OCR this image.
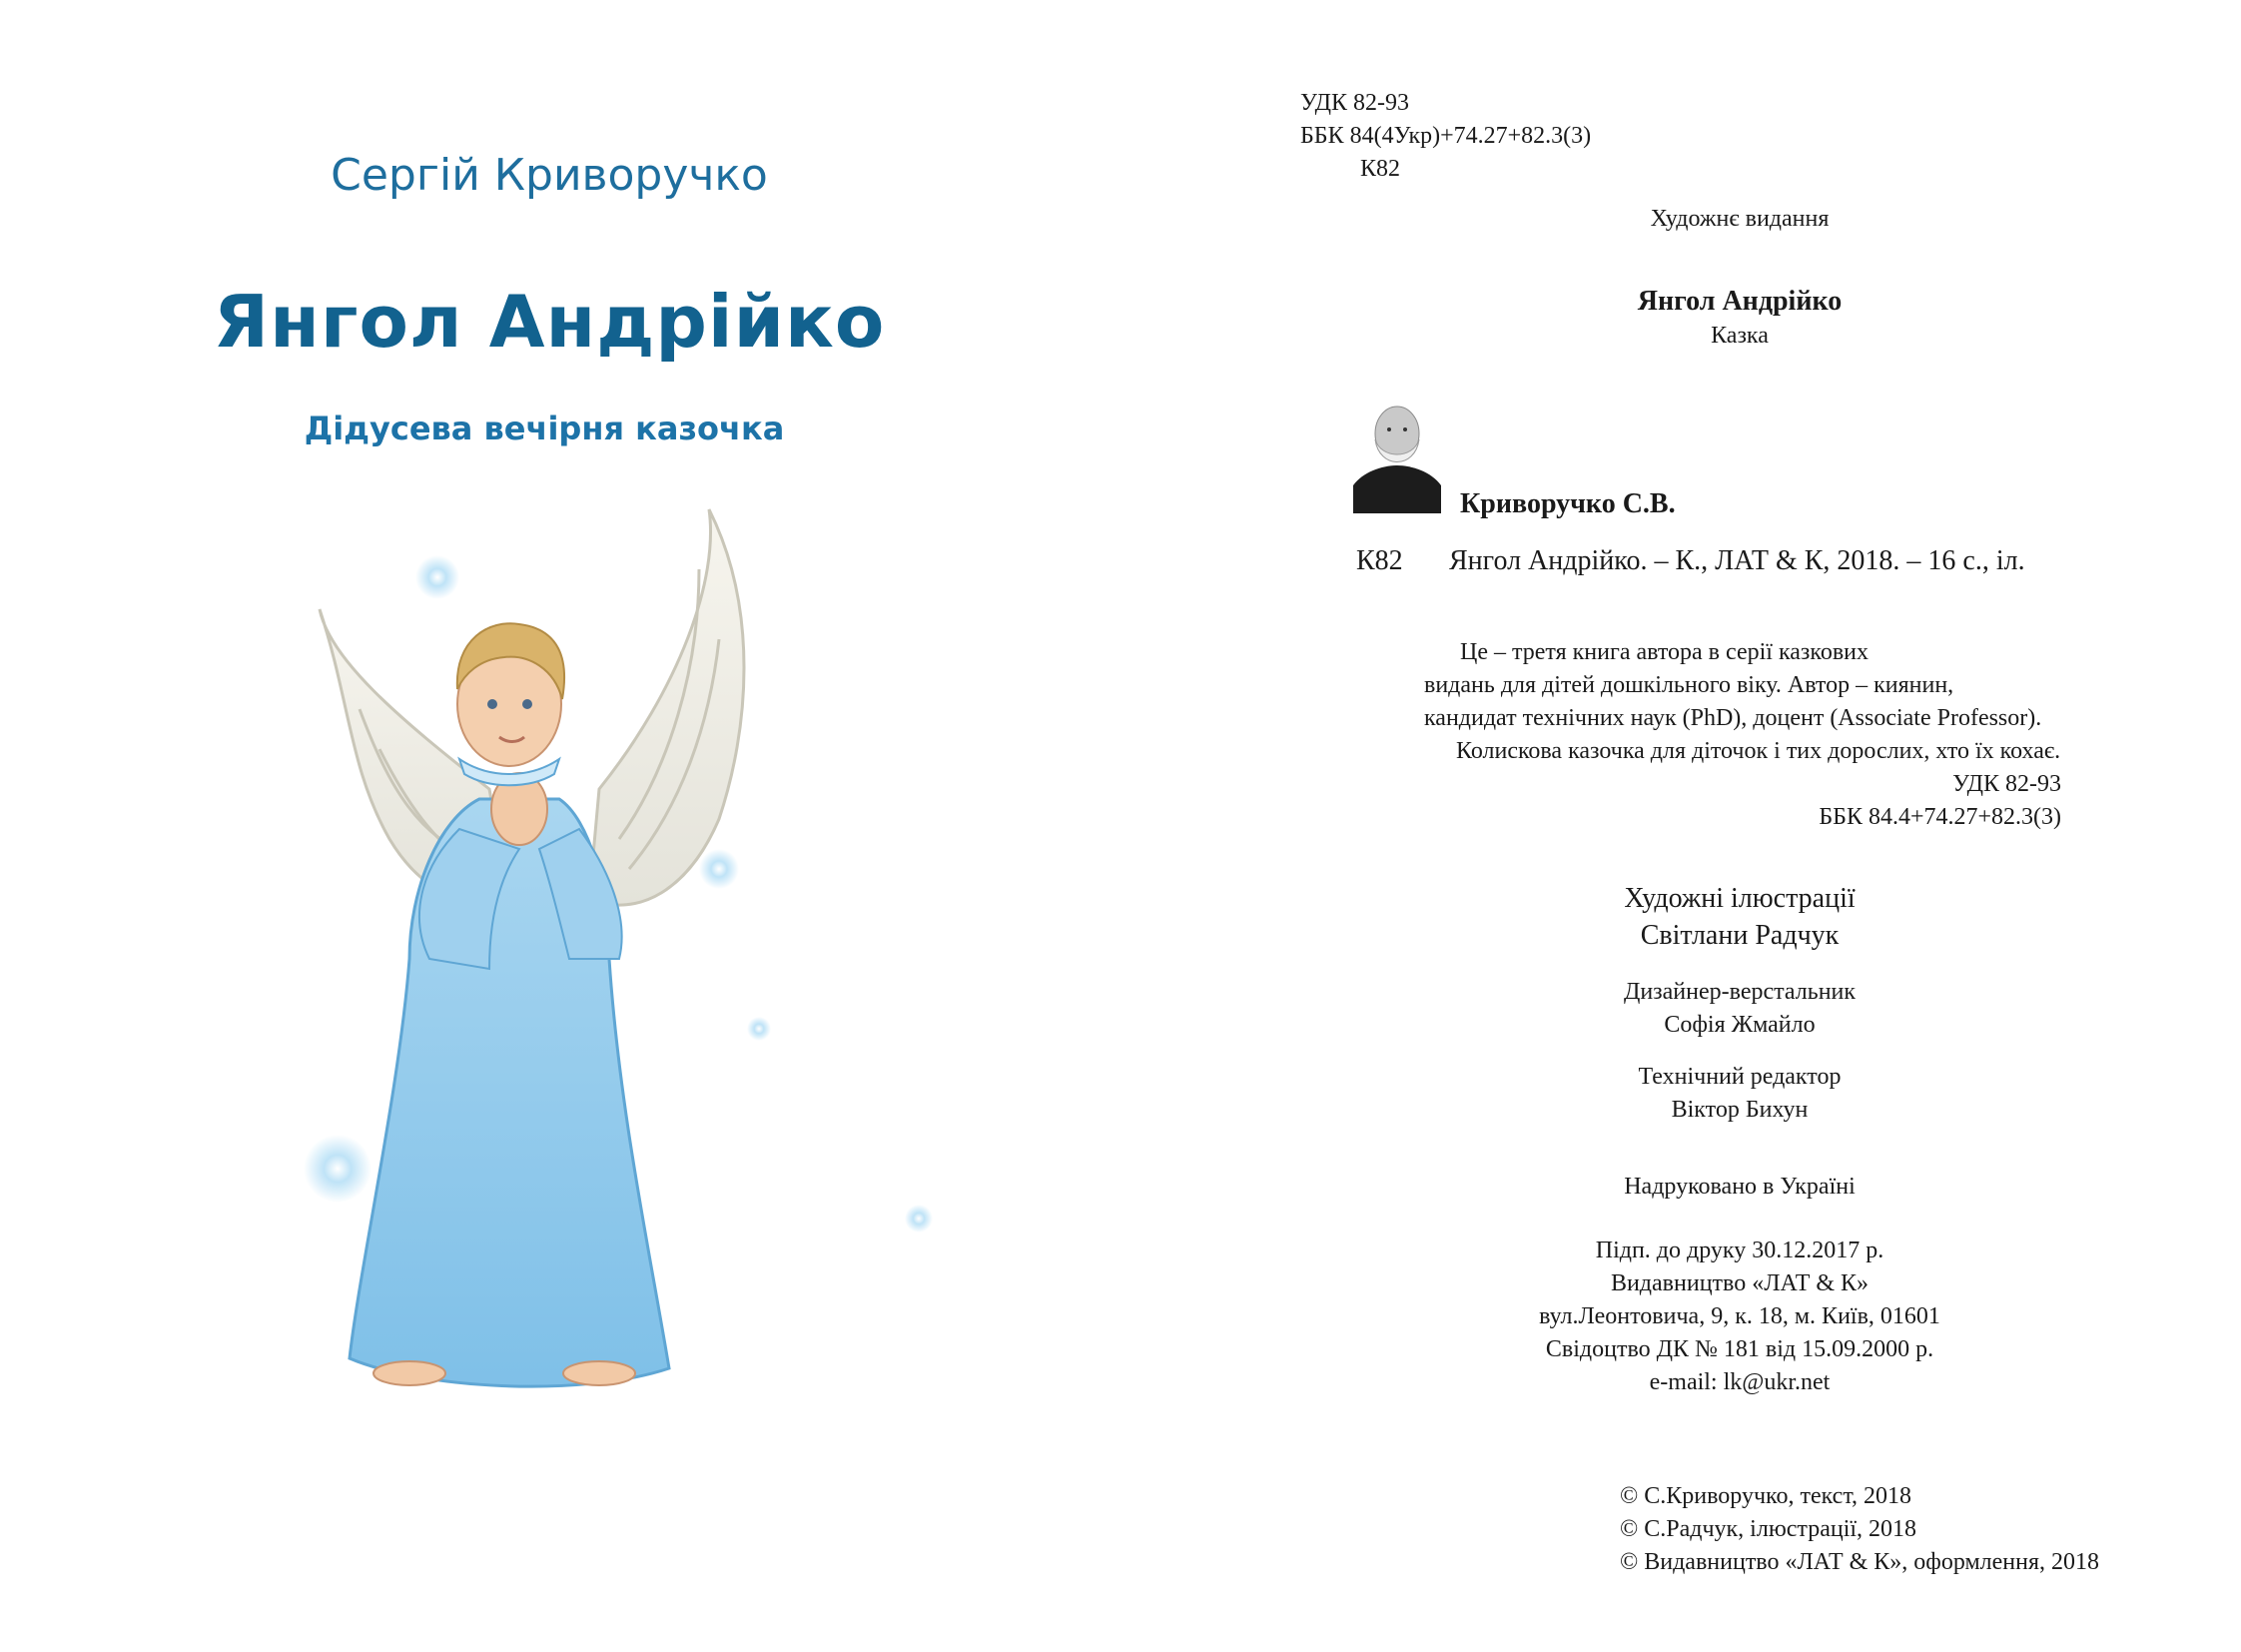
Сергій Криворучко
Янгол Андрійко
Дідусева вечірня казочка
УДК 82-93
ББК 84(4Укр)+74.27+82.3(3)
К82
Художнє видання
Янгол Андрійко
Казка
Криворучко С.В.
К82 Янгол Андрійко. – К., ЛАТ & К, 2018. – 16 с., іл.
Це – третя книга автора в серії казкових
видань для дітей дошкільного віку. Автор – киянин,
кандидат технічних наук (PhD), доцент (Associate Professor).
Колискова казочка для діточок і тих дорослих, хто їх кохає.
УДК 82-93
ББК 84.4+74.27+82.3(3)
Художні ілюстрації
Світлани Радчук
Дизайнер-верстальник
Софія Жмайло
Технічний редактор
Віктор Бихун
Надруковано в Україні
Підп. до друку 30.12.2017 р.
Видавництво «ЛАТ & К»
вул.Леонтовича, 9, к. 18, м. Київ, 01601
Свідоцтво ДК № 181 від 15.09.2000 р.
e-mail: lk@ukr.net
© С.Криворучко, текст, 2018
© С.Радчук, ілюстрації, 2018
© Видавництво «ЛАТ & К», оформлення, 2018
